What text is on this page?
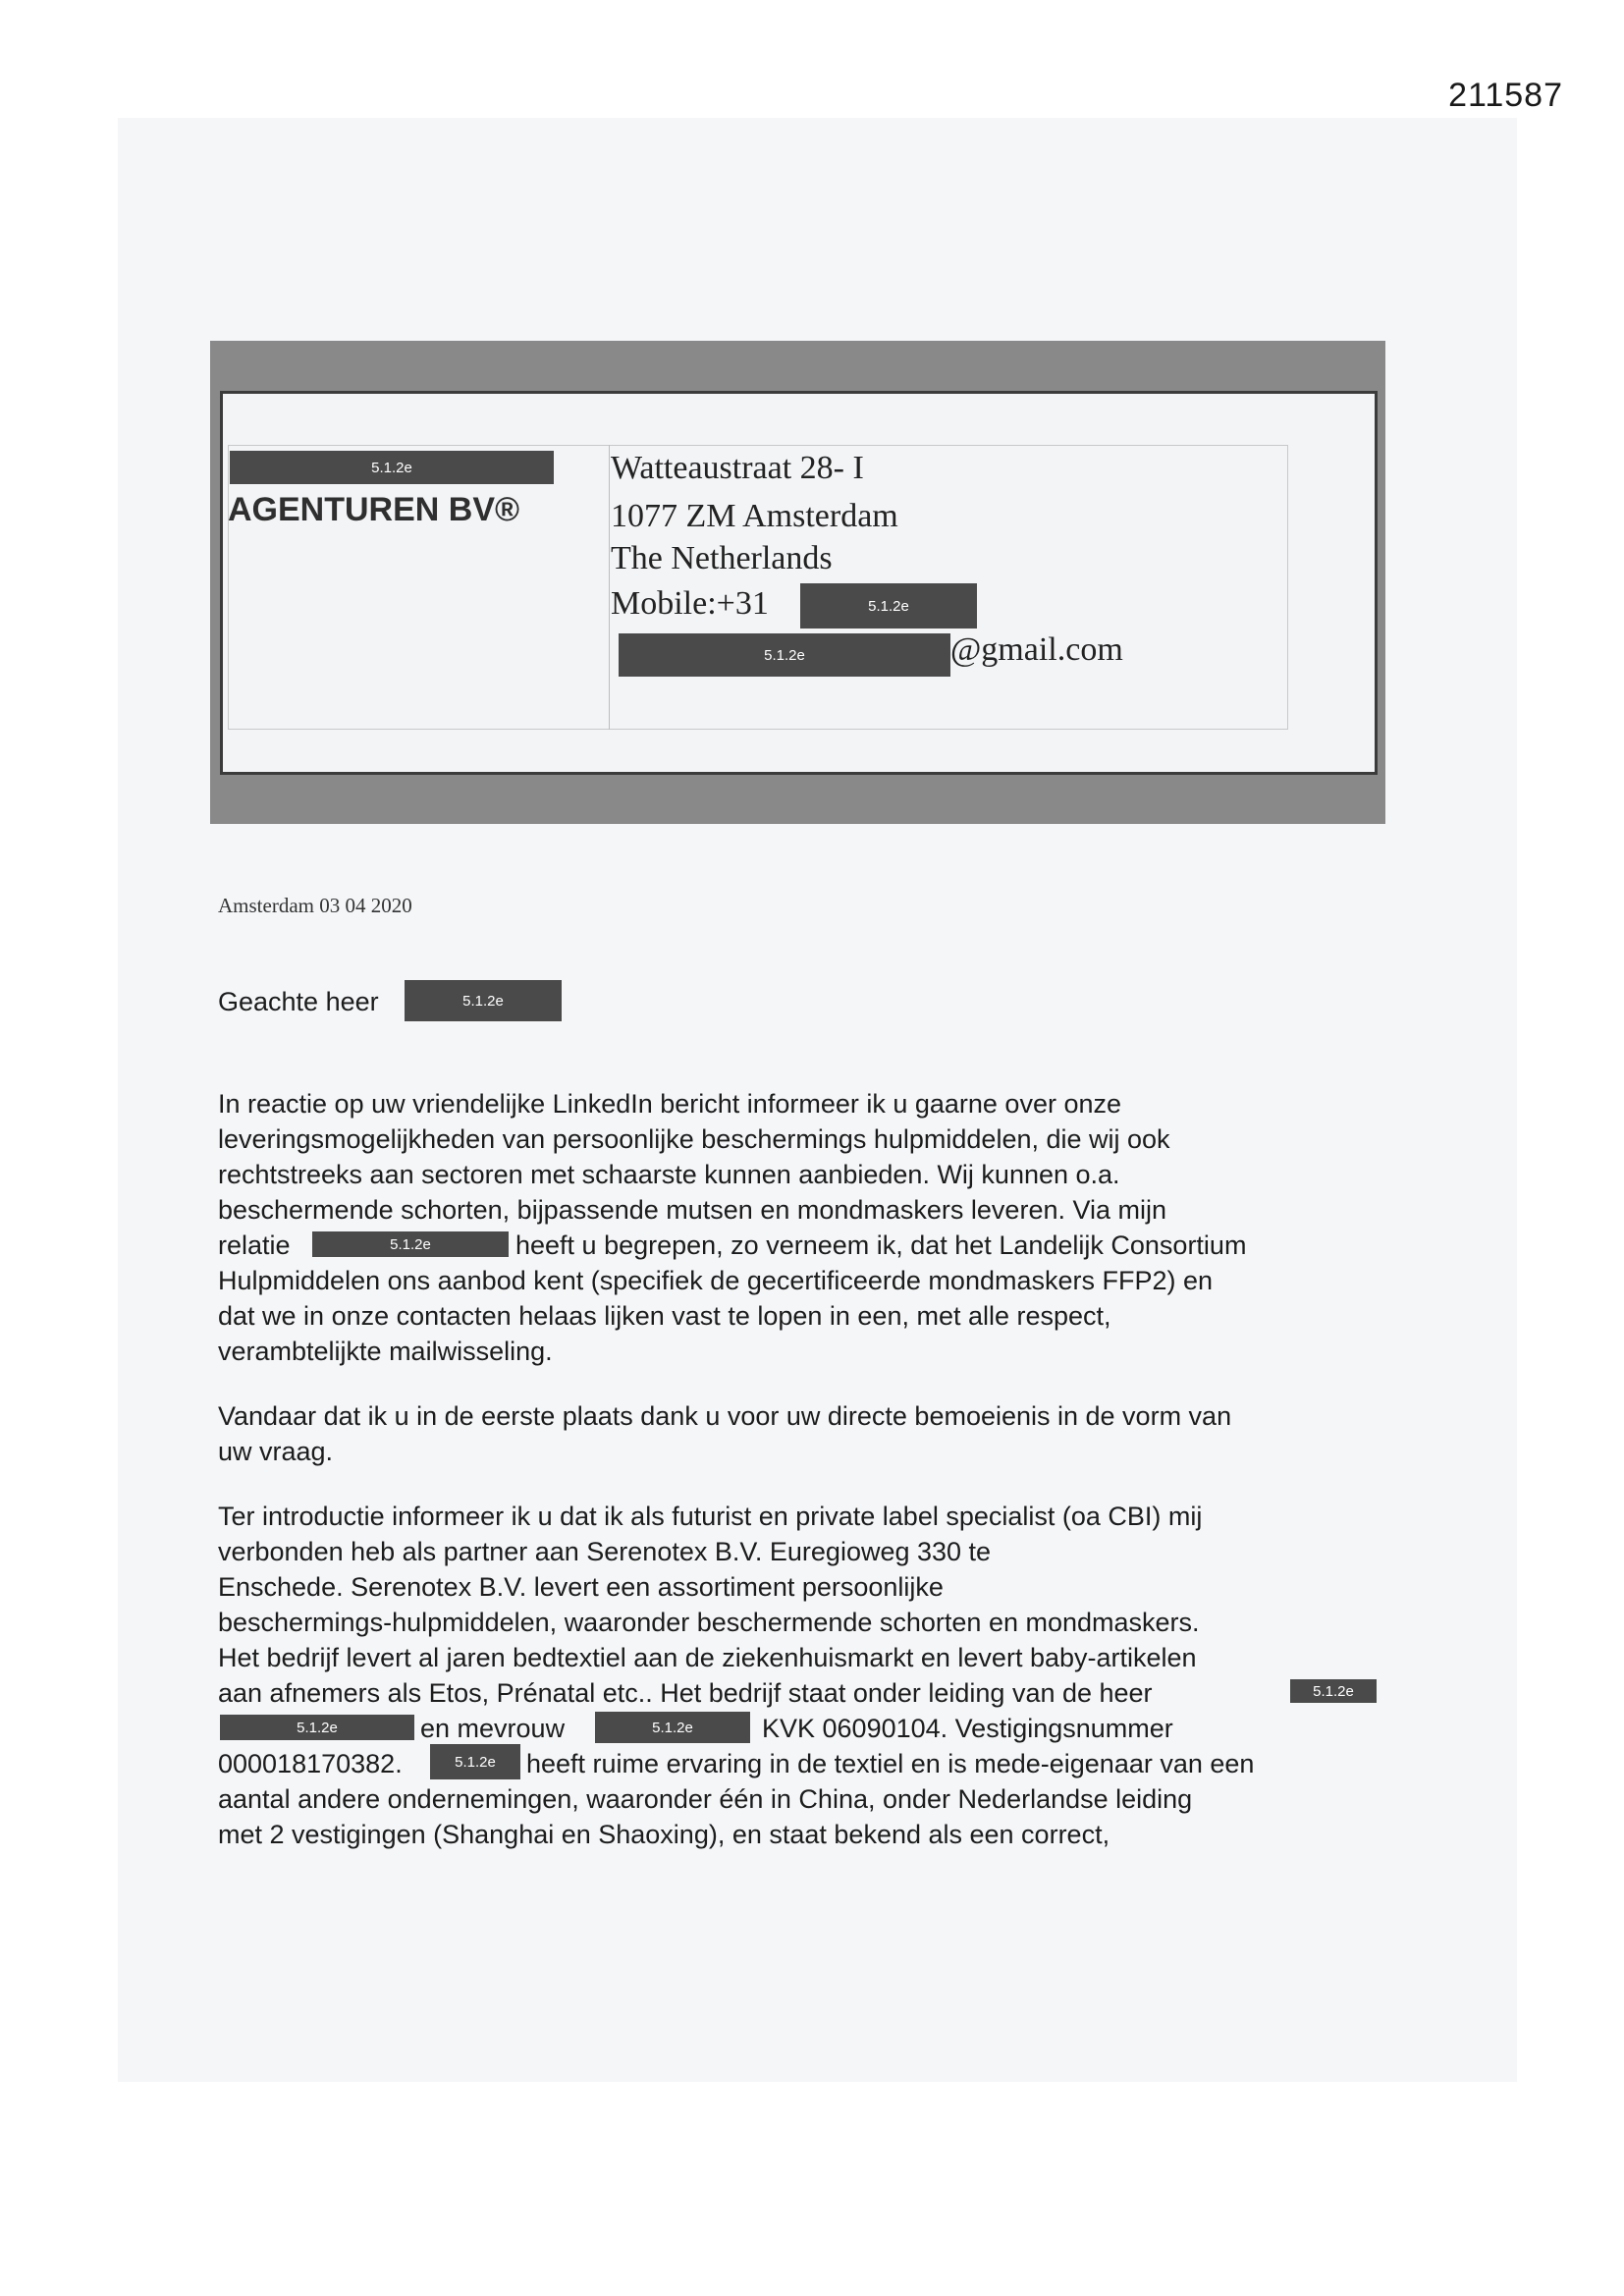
211587
5.1.2e
AGENTUREN BV®
Watteaustraat 28- I
1077 ZM Amsterdam
The Netherlands
Mobile:+31	5.1.2e
5.1.2e	@gmail.com
Amsterdam 03 04 2020
Geachte heer	5.1.2e
In reactie op uw vriendelijke LinkedIn bericht informeer ik u gaarne over onze
leveringsmogelijkheden van persoonlijke beschermings hulpmiddelen, die wij ook
rechtstreeks aan sectoren met schaarste kunnen aanbieden. Wij kunnen o.a.
beschermende schorten, bijpassende mutsen en mondmaskers leveren. Via mijn
relatie	5.1.2e	heeft u begrepen, zo verneem ik, dat het Landelijk Consortium
Hulpmiddelen ons aanbod kent (specifiek de gecertificeerde mondmaskers FFP2) en
dat we in onze contacten helaas lijken vast te lopen in een, met alle respect,
verambtelijkte mailwisseling.
Vandaar dat ik u in de eerste plaats dank u voor uw directe bemoeienis in de vorm van
uw vraag.
Ter introductie informeer ik u dat ik als futurist en private label specialist (oa CBI) mij
verbonden heb als partner aan Serenotex B.V. Euregioweg 330 te
Enschede. Serenotex B.V. levert een assortiment persoonlijke
beschermings-hulpmiddelen, waaronder beschermende schorten en mondmaskers.
Het bedrijf levert al jaren bedtextiel aan de ziekenhuismarkt en levert baby-artikelen
aan afnemers als Etos, Prénatal etc.. Het bedrijf staat onder leiding van de heer	5.1.2e
5.1.2e	en mevrouw	5.1.2e	KVK 06090104. Vestigingsnummer
000018170382.	5.1.2e	heeft ruime ervaring in de textiel en is mede-eigenaar van een
aantal andere ondernemingen, waaronder één in China, onder Nederlandse leiding
met 2 vestigingen (Shanghai en Shaoxing), en staat bekend als een correct,
